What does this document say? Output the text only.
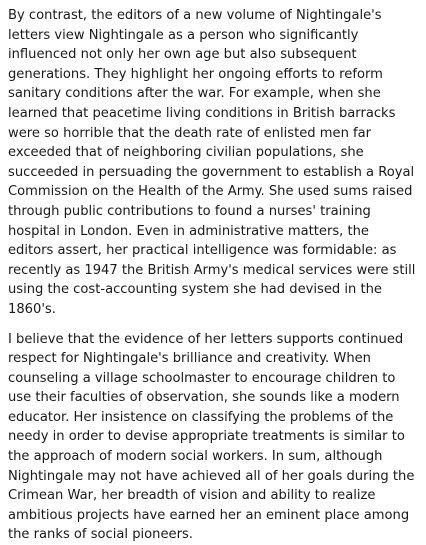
By contrast, the editors of a new volume of Nightingale's letters view Nightingale as a person who significantly influenced not only her own age but also subsequent generations. They highlight her ongoing efforts to reform sanitary conditions after the war. For example, when she learned that peacetime living conditions in British barracks were so horrible that the death rate of enlisted men far exceeded that of neighboring civilian populations, she succeeded in persuading the government to establish a Royal Commission on the Health of the Army. She used sums raised through public contributions to found a nurses' training hospital in London. Even in administrative matters, the editors assert, her practical intelligence was formidable: as recently as 1947 the British Army's medical services were still using the cost-accounting system she had devised in the 1860's.

I believe that the evidence of her letters supports continued respect for Nightingale's brilliance and creativity. When counseling a village schoolmaster to encourage children to use their faculties of observation, she sounds like a modern educator. Her insistence on classifying the problems of the needy in order to devise appropriate treatments is similar to the approach of modern social workers. In sum, although Nightingale may not have achieved all of her goals during the Crimean War, her breadth of vision and ability to realize ambitious projects have earned her an eminent place among the ranks of social pioneers.
